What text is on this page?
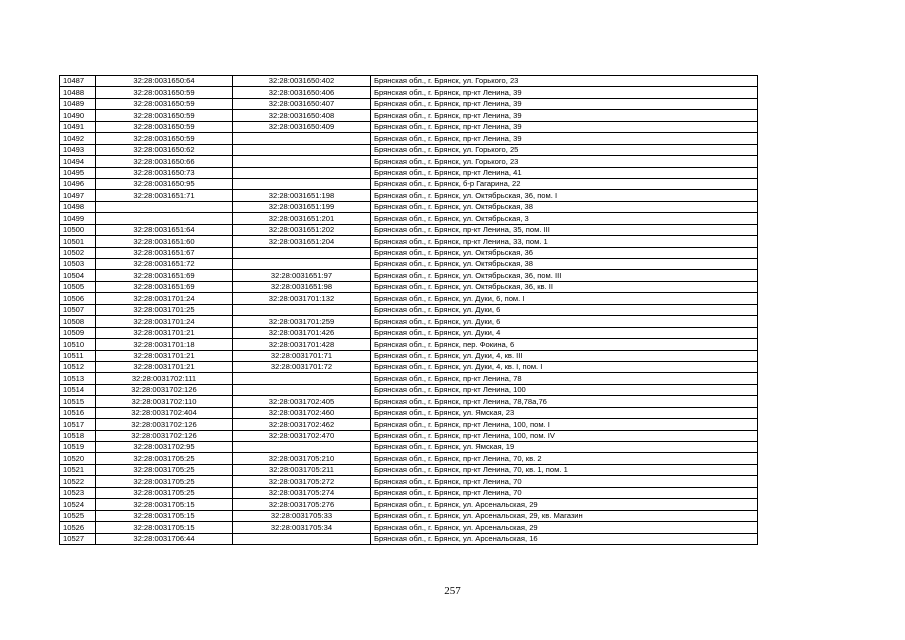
10487	32:28:0031650:64	32:28:0031650:402	Брянская обл., г. Брянск, ул. Горького, 23
10488	32:28:0031650:59	32:28:0031650:406	Брянская обл., г. Брянск, пр-кт Ленина, 39
10489	32:28:0031650:59	32:28:0031650:407	Брянская обл., г. Брянск, пр-кт Ленина, 39
10490	32:28:0031650:59	32:28:0031650:408	Брянская обл., г. Брянск, пр-кт Ленина, 39
10491	32:28:0031650:59	32:28:0031650:409	Брянская обл., г. Брянск, пр-кт Ленина, 39
10492	32:28:0031650:59		Брянская обл., г. Брянск, пр-кт Ленина, 39
10493	32:28:0031650:62		Брянская обл., г. Брянск, ул. Горького, 25
10494	32:28:0031650:66		Брянская обл., г. Брянск, ул. Горького, 23
10495	32:28:0031650:73		Брянская обл., г. Брянск, пр-кт Ленина, 41
10496	32:28:0031650:95		Брянская обл., г. Брянск, б-р Гагарина, 22
10497	32:28:0031651:71	32:28:0031651:198	Брянская обл., г. Брянск, ул. Октябрьская, 36, пом. I
10498		32:28:0031651:199	Брянская обл., г. Брянск, ул. Октябрьская, 38
10499		32:28:0031651:201	Брянская обл., г. Брянск, ул. Октябрьская, 3
10500	32:28:0031651:64	32:28:0031651:202	Брянская обл., г. Брянск, пр-кт Ленина, 35, пом. III
10501	32:28:0031651:60	32:28:0031651:204	Брянская обл., г. Брянск, пр-кт Ленина, 33, пом. 1
10502	32:28:0031651:67		Брянская обл., г. Брянск, ул. Октябрьская, 36
10503	32:28:0031651:72		Брянская обл., г. Брянск, ул. Октябрьская, 38
10504	32:28:0031651:69	32:28:0031651:97	Брянская обл., г. Брянск, ул. Октябрьская, 36, пом. III
10505	32:28:0031651:69	32:28:0031651:98	Брянская обл., г. Брянск, ул. Октябрьская, 36, кв. II
10506	32:28:0031701:24	32:28:0031701:132	Брянская обл., г. Брянск, ул. Дуки, 6, пом. I
10507	32:28:0031701:25		Брянская обл., г. Брянск, ул. Дуки, 6
10508	32:28:0031701:24	32:28:0031701:259	Брянская обл., г. Брянск, ул. Дуки, 6
10509	32:28:0031701:21	32:28:0031701:426	Брянская обл., г. Брянск, ул. Дуки, 4
10510	32:28:0031701:18	32:28:0031701:428	Брянская обл., г. Брянск, пер. Фокина, 6
10511	32:28:0031701:21	32:28:0031701:71	Брянская обл., г. Брянск, ул. Дуки, 4, кв. III
10512	32:28:0031701:21	32:28:0031701:72	Брянская обл., г. Брянск, ул. Дуки, 4, кв. I, пом. I
10513	32:28:0031702:111		Брянская обл., г. Брянск, пр-кт Ленина, 78
10514	32:28:0031702:126		Брянская обл., г. Брянск, пр-кт Ленина, 100
10515	32:28:0031702:110	32:28:0031702:405	Брянская обл., г. Брянск, пр-кт Ленина, 78,78а,76
10516	32:28:0031702:404	32:28:0031702:460	Брянская обл., г. Брянск, ул. Ямская, 23
10517	32:28:0031702:126	32:28:0031702:462	Брянская обл., г. Брянск, пр-кт Ленина, 100, пом. I
10518	32:28:0031702:126	32:28:0031702:470	Брянская обл., г. Брянск, пр-кт Ленина, 100, пом. IV
10519	32:28:0031702:95		Брянская обл., г. Брянск, ул. Ямская, 19
10520	32:28:0031705:25	32:28:0031705:210	Брянская обл., г. Брянск, пр-кт Ленина, 70, кв. 2
10521	32:28:0031705:25	32:28:0031705:211	Брянская обл., г. Брянск, пр-кт Ленина, 70, кв. 1, пом. 1
10522	32:28:0031705:25	32:28:0031705:272	Брянская обл., г. Брянск, пр-кт Ленина, 70
10523	32:28:0031705:25	32:28:0031705:274	Брянская обл., г. Брянск, пр-кт Ленина, 70
10524	32:28:0031705:15	32:28:0031705:276	Брянская обл., г. Брянск, ул. Арсенальская, 29
10525	32:28:0031705:15	32:28:0031705:33	Брянская обл., г. Брянск, ул. Арсенальская, 29, кв. Магазин
10526	32:28:0031705:15	32:28:0031705:34	Брянская обл., г. Брянск, ул. Арсенальская, 29
10527	32:28:0031706:44		Брянская обл., г. Брянск, ул. Арсенальская, 16
257
